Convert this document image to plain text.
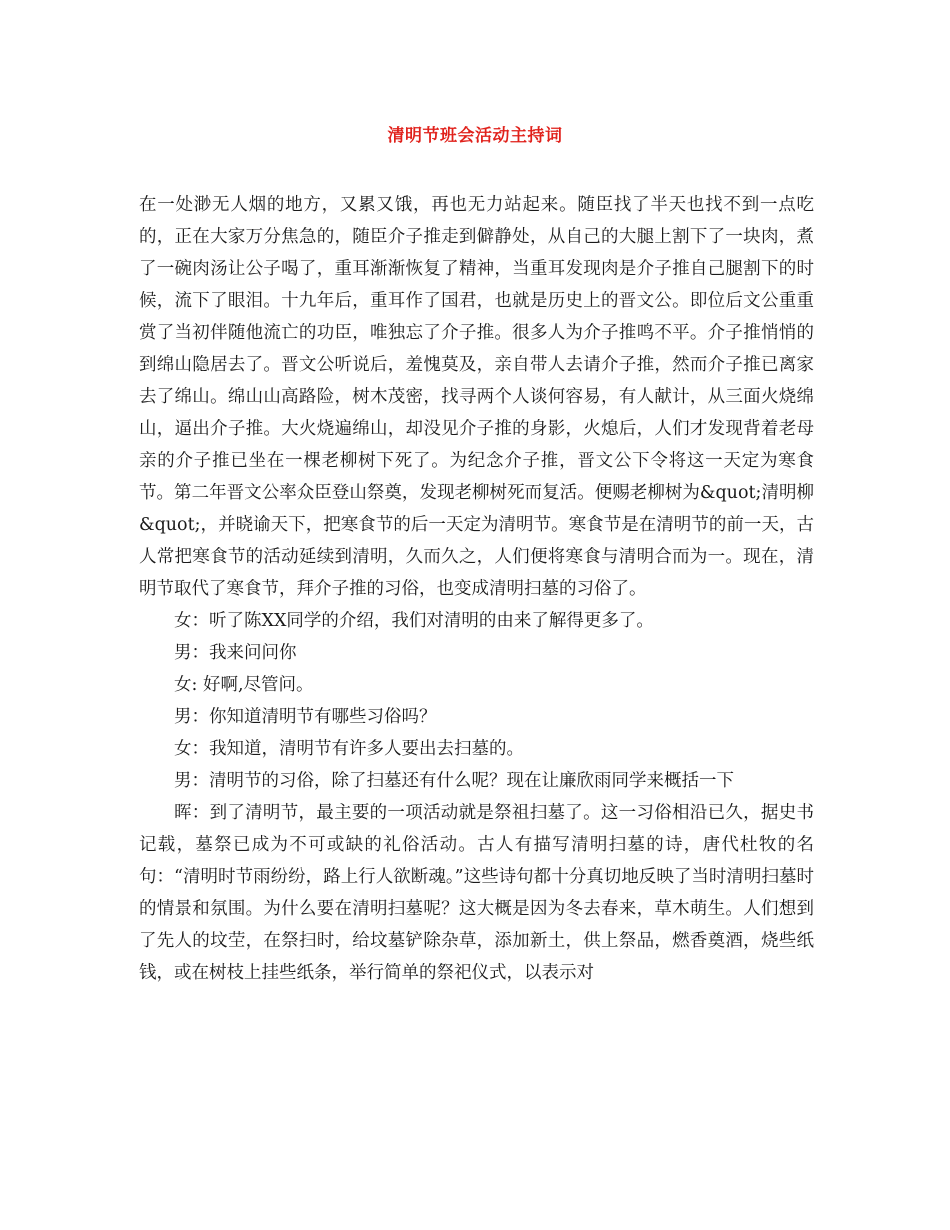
清明节班会活动主持词

在一处渺无人烟的地方，又累又饿，再也无力站起来。随臣找了半天也找不到一点吃的，正在大家万分焦急的，随臣介子推走到僻静处，从自己的大腿上割下了一块肉，煮了一碗肉汤让公子喝了，重耳渐渐恢复了精神，当重耳发现肉是介子推自己腿割下的时候，流下了眼泪。十九年后，重耳作了国君，也就是历史上的晋文公。即位后文公重重赏了当初伴随他流亡的功臣，唯独忘了介子推。很多人为介子推鸣不平。介子推悄悄的到绵山隐居去了。晋文公听说后，羞愧莫及，亲自带人去请介子推，然而介子推已离家去了绵山。绵山山高路险，树木茂密，找寻两个人谈何容易，有人献计，从三面火烧绵山，逼出介子推。大火烧遍绵山，却没见介子推的身影，火熄后，人们才发现背着老母亲的介子推已坐在一棵老柳树下死了。为纪念介子推，晋文公下令将这一天定为寒食节。第二年晋文公率众臣登山祭奠，发现老柳树死而复活。便赐老柳树为&quot;清明柳&quot;，并晓谕天下，把寒食节的后一天定为清明节。寒食节是在清明节的前一天，古人常把寒食节的活动延续到清明，久而久之，人们便将寒食与清明合而为一。现在，清明节取代了寒食节，拜介子推的习俗，也变成清明扫墓的习俗了。

女：听了陈XX同学的介绍，我们对清明的由来了解得更多了。

男：我来问问你

女: 好啊,尽管问。

男：你知道清明节有哪些习俗吗？

女：我知道，清明节有许多人要出去扫墓的。

男：清明节的习俗，除了扫墓还有什么呢？现在让廉欣雨同学来概括一下

晖：到了清明节，最主要的一项活动就是祭祖扫墓了。这一习俗相沿已久，据史书记载，墓祭已成为不可或缺的礼俗活动。古人有描写清明扫墓的诗，唐代杜牧的名句：“清明时节雨纷纷，路上行人欲断魂。”这些诗句都十分真切地反映了当时清明扫墓时的情景和氛围。为什么要在清明扫墓呢？这大概是因为冬去春来，草木萌生。人们想到了先人的坟茔，在祭扫时，给坟墓铲除杂草，添加新土，供上祭品，燃香奠酒，烧些纸钱，或在树枝上挂些纸条，举行简单的祭祀仪式，以表示对
